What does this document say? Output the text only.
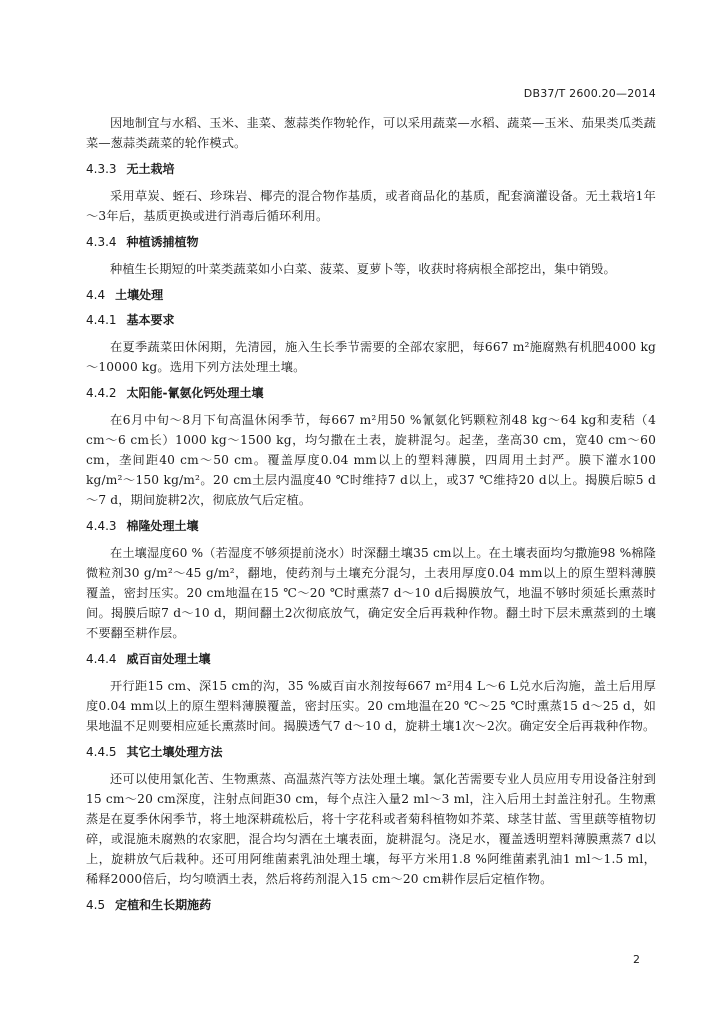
DB37/T 2600.20—2014

因地制宜与水稻、玉米、韭菜、葱蒜类作物轮作，可以采用蔬菜—水稻、蔬菜—玉米、茄果类瓜类蔬菜—葱蒜类蔬菜的轮作模式。

4.3.3 无土栽培

采用草炭、蛭石、珍珠岩、椰壳的混合物作基质，或者商品化的基质，配套滴灌设备。无土栽培1年～3年后，基质更换或进行消毒后循环利用。

4.3.4 种植诱捕植物

种植生长期短的叶菜类蔬菜如小白菜、菠菜、夏萝卜等，收获时将病根全部挖出，集中销毁。

4.4 土壤处理
4.4.1 基本要求

在夏季蔬菜田休闲期，先清园，施入生长季节需要的全部农家肥，每667 m²施腐熟有机肥4000 kg～10000 kg。选用下列方法处理土壤。

4.4.2 太阳能-氰氨化钙处理土壤

在6月中旬～8月下旬高温休闲季节，每667 m²用50 %氰氨化钙颗粒剂48 kg～64 kg和麦秸（4 cm～6 cm长）1000 kg～1500 kg，均匀撒在土表，旋耕混匀。起垄，垄高30 cm，宽40 cm～60 cm，垄间距40 cm～50 cm。覆盖厚度0.04 mm以上的塑料薄膜，四周用土封严。膜下灌水100 kg/m²～150 kg/m²。20 cm土层内温度40 ℃时维持7 d以上，或37 ℃维持20 d以上。揭膜后晾5 d～7 d，期间旋耕2次，彻底放气后定植。

4.4.3 棉隆处理土壤

在土壤湿度60 %（若湿度不够须提前浇水）时深翻土壤35 cm以上。在土壤表面均匀撒施98 %棉隆微粒剂30 g/m²～45 g/m²，翻地，使药剂与土壤充分混匀，土表用厚度0.04 mm以上的原生塑料薄膜覆盖，密封压实。20 cm地温在15 ℃～20 ℃时熏蒸7 d～10 d后揭膜放气，地温不够时须延长熏蒸时间。揭膜后晾7 d～10 d，期间翻土2次彻底放气，确定安全后再栽种作物。翻土时下层未熏蒸到的土壤不要翻至耕作层。

4.4.4 威百亩处理土壤

开行距15 cm、深15 cm的沟，35 %威百亩水剂按每667 m²用4 L～6 L兑水后沟施，盖土后用厚度0.04 mm以上的原生塑料薄膜覆盖，密封压实。20 cm地温在20 ℃～25 ℃时熏蒸15 d～25 d，如果地温不足则要相应延长熏蒸时间。揭膜透气7 d～10 d，旋耕土壤1次～2次。确定安全后再栽种作物。

4.4.5 其它土壤处理方法

还可以使用氯化苦、生物熏蒸、高温蒸汽等方法处理土壤。氯化苦需要专业人员应用专用设备注射到15 cm～20 cm深度，注射点间距30 cm，每个点注入量2 ml～3 ml，注入后用土封盖注射孔。生物熏蒸是在夏季休闲季节，将土地深耕疏松后，将十字花科或者菊科植物如芥菜、球茎甘蓝、雪里蕻等植物切碎，或混施未腐熟的农家肥，混合均匀洒在土壤表面，旋耕混匀。浇足水，覆盖透明塑料薄膜熏蒸7 d以上，旋耕放气后栽种。还可用阿维菌素乳油处理土壤，每平方米用1.8 %阿维菌素乳油1 ml～1.5 ml，稀释2000倍后，均匀喷洒土表，然后将药剂混入15 cm～20 cm耕作层后定植作物。

4.5 定植和生长期施药
2
